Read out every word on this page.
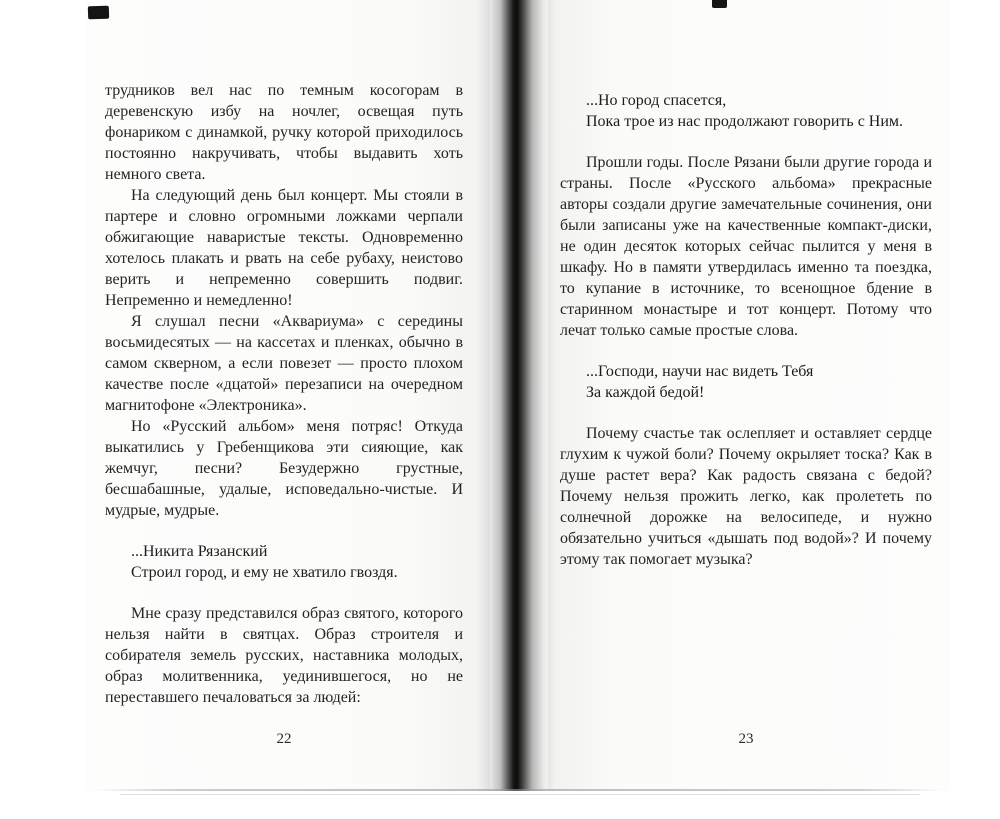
трудников вел нас по темным косогорам в деревенскую избу на ночлег, освещая путь фонариком с динамкой, ручку которой приходилось постоянно накручивать, чтобы выдавить хоть немного света.

На следующий день был концерт. Мы стояли в партере и словно огромными ложками черпали обжигающие наваристые тексты. Одновременно хотелось плакать и рвать на себе рубаху, неистово верить и непременно совершить подвиг. Непременно и немедленно!

Я слушал песни «Аквариума» с середины восьмидесятых — на кассетах и пленках, обычно в самом скверном, а если повезет — просто плохом качестве после «дцатой» перезаписи на очередном магнитофоне «Электроника».

Но «Русский альбом» меня потряс! Откуда выкатились у Гребенщикова эти сияющие, как жемчуг, песни? Безудержно грустные, бесшабашные, удалые, исповедально-чистые. И мудрые, мудрые.

...Никита Рязанский
Строил город, и ему не хватило гвоздя.

Мне сразу представился образ святого, которого нельзя найти в святцах. Образ строителя и собирателя земель русских, наставника молодых, образ молитвенника, уединившегося, но не переставшего печаловаться за людей:

...Но город спасется,
Пока трое из нас продолжают говорить с Ним.

Прошли годы. После Рязани были другие города и страны. После «Русского альбома» прекрасные авторы создали другие замечательные сочинения, они были записаны уже на качественные компакт-диски, не один десяток которых сейчас пылится у меня в шкафу. Но в памяти утвердилась именно та поездка, то купание в источнике, то всенощное бдение в старинном монастыре и тот концерт. Потому что лечат только самые простые слова.

...Господи, научи нас видеть Тебя
За каждой бедой!

Почему счастье так ослепляет и оставляет сердце глухим к чужой боли? Почему окрыляет тоска? Как в душе растет вера? Как радость связана с бедой? Почему нельзя прожить легко, как пролететь по солнечной дорожке на велосипеде, и нужно обязательно учиться «дышать под водой»? И почему этому так помогает музыка?

22	23
